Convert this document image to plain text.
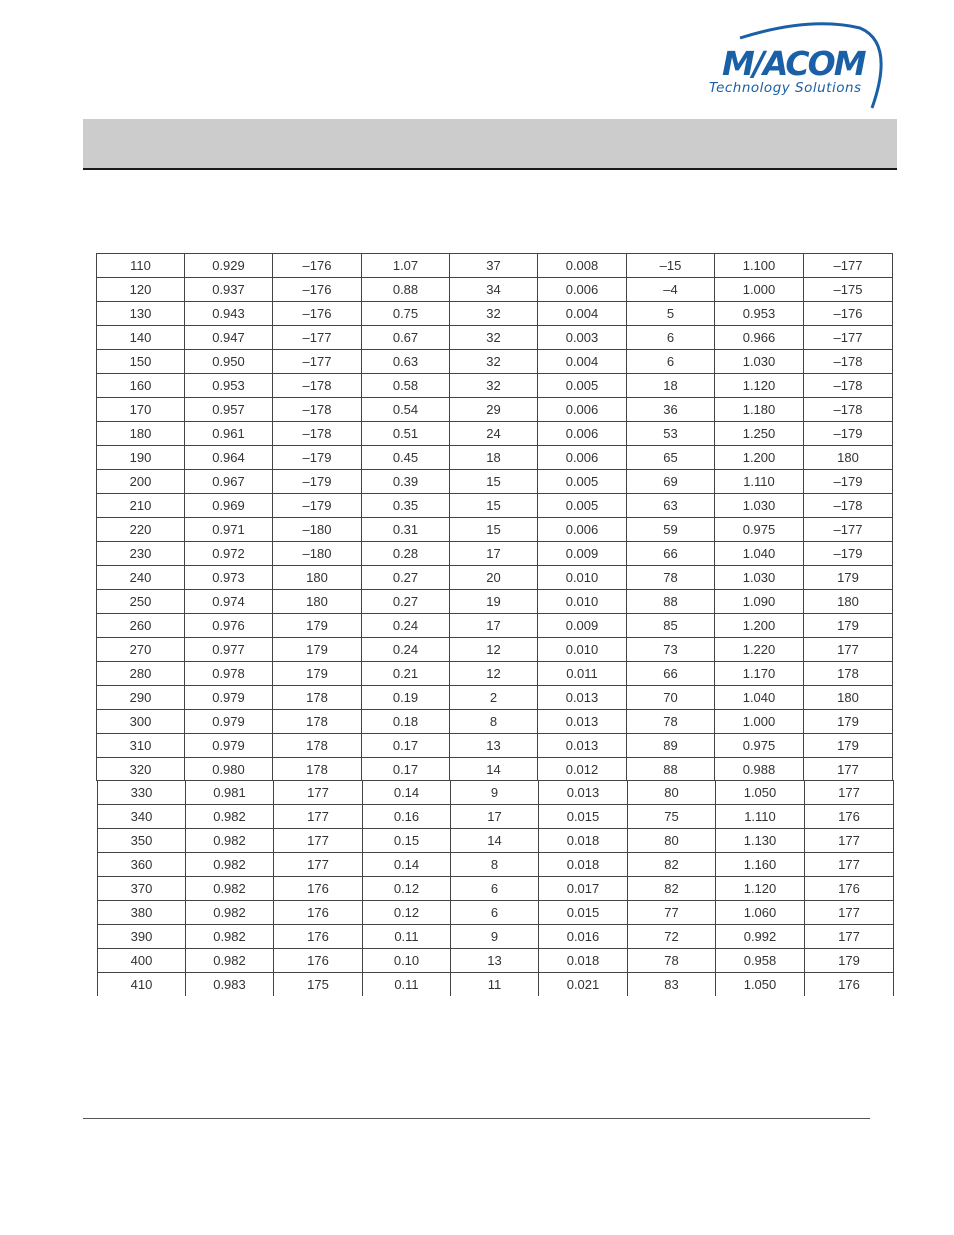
M/ACOM
Technology Solutions
110	0.929	–176	1.07	37	0.008	–15	1.100	–177
120	0.937	–176	0.88	34	0.006	–4	1.000	–175
130	0.943	–176	0.75	32	0.004	5	0.953	–176
140	0.947	–177	0.67	32	0.003	6	0.966	–177
150	0.950	–177	0.63	32	0.004	6	1.030	–178
160	0.953	–178	0.58	32	0.005	18	1.120	–178
170	0.957	–178	0.54	29	0.006	36	1.180	–178
180	0.961	–178	0.51	24	0.006	53	1.250	–179
190	0.964	–179	0.45	18	0.006	65	1.200	180
200	0.967	–179	0.39	15	0.005	69	1.110	–179
210	0.969	–179	0.35	15	0.005	63	1.030	–178
220	0.971	–180	0.31	15	0.006	59	0.975	–177
230	0.972	–180	0.28	17	0.009	66	1.040	–179
240	0.973	180	0.27	20	0.010	78	1.030	179
250	0.974	180	0.27	19	0.010	88	1.090	180
260	0.976	179	0.24	17	0.009	85	1.200	179
270	0.977	179	0.24	12	0.010	73	1.220	177
280	0.978	179	0.21	12	0.011	66	1.170	178
290	0.979	178	0.19	2	0.013	70	1.040	180
300	0.979	178	0.18	8	0.013	78	1.000	179
310	0.979	178	0.17	13	0.013	89	0.975	179
320	0.980	178	0.17	14	0.012	88	0.988	177
330	0.981	177	0.14	9	0.013	80	1.050	177
340	0.982	177	0.16	17	0.015	75	1.110	176
350	0.982	177	0.15	14	0.018	80	1.130	177
360	0.982	177	0.14	8	0.018	82	1.160	177
370	0.982	176	0.12	6	0.017	82	1.120	176
380	0.982	176	0.12	6	0.015	77	1.060	177
390	0.982	176	0.11	9	0.016	72	0.992	177
400	0.982	176	0.10	13	0.018	78	0.958	179
410	0.983	175	0.11	11	0.021	83	1.050	176
